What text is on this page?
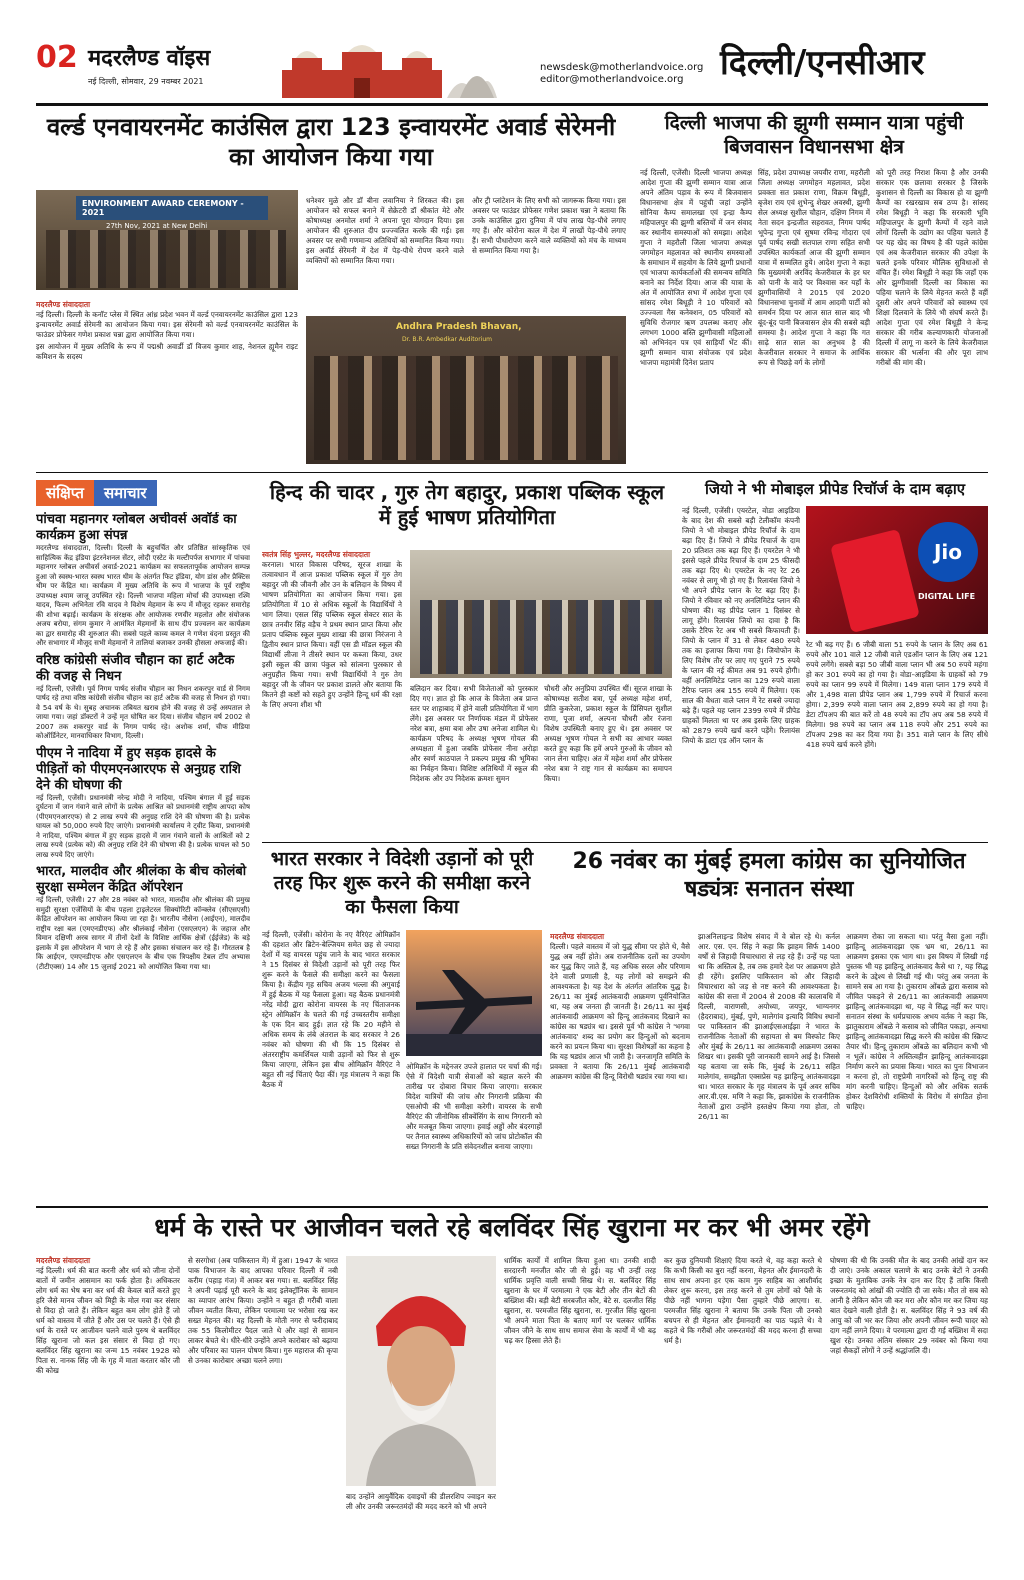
02 मदरलैण्ड वॉइस
नई दिल्ली, सोमवार, 29 नवम्बर 2021
newsdesk@motherlandvoice.org
editor@motherlandvoice.org	दिल्ली/एनसीआर
वर्ल्ड एनवायरनमेंट काउंसिल द्वारा 123 इन्वायरमेंट अवार्ड सेरेमनी का आयोजन किया गया
ENVIRONMENT AWARD CEREMONY - 2021
27th Nov, 2021 at New Delhi
मदरलैण्ड संवाददाता

नई दिल्ली। दिल्ली के कनॉट प्लेस में स्थित आंध्र प्रदेश भवन में वर्ल्ड एनवायरनमेंट काउंसिल द्वारा 123 इन्वायरमेंट अवार्ड सेरेमनी का आयोजन किया गया। इस सेरेमनी को वर्ल्ड एनवायरनमेंट काउंसिल के फाउंडर प्रोफेसर गणेश प्रकाश चन्ना द्वारा आयोजित किया गया।

इस आयोजन में मुख्य अतिथि के रूप में पद्मश्री अवार्डी डॉ विजय कुमार शाह, नेशनल ह्यूमैन राइट कमिशन के सदस्य

धनेश्वर मुळे और डॉ बीना लवानिया ने शिरकत की। इस आयोजन को सफल बनाने में सेक्रेटरी डॉ श्रीकांत मेटे और कोषाध्यक्ष अनमोल शर्मा ने अपना पूरा योगदान दिया। इस आयोजन की शुरुआत दीप प्रज्ज्वलित करके की गई। इस अवसर पर सभी गणमान्य अतिथियों को सम्मानित किया गया। इस अवॉर्ड सेरेमनी में देश में पेड़-पौधे रोपण करने वाले व्यक्तियों को सम्मानित किया गया।
और ट्री प्लांटेशन के लिए सभी को जागरूक किया गया। इस अवसर पर फाउंडर प्रोफेसर गणेश प्रकाश चन्ना ने बताया कि उनके काउंसिल द्वारा दुनिया में पांच लाख पेड़-पौधे लगाए गए हैं। और कोरोना काल में देश में लाखों पेड़-पौधे लगाए हैं। सभी पौधारोपण करने वाले व्यक्तियों को मंच के माध्यम से सम्मानित किया गया है।
Andhra Pradesh Bhavan,
Dr. B.R. Ambedkar Auditorium
दिल्ली भाजपा की झुग्गी सम्मान यात्रा पहुंची बिजवासन विधानसभा क्षेत्र
नई दिल्ली, एजेंसी। दिल्ली भाजपा अध्यक्ष आदेश गुप्ता की झुग्गी सम्मान यात्रा आज अपने अंतिम पड़ाव के रूप में बिजवासन विधानसभा क्षेत्र में पहुंची जहां उन्होंने सोनिया कैम्प समालखा एवं इन्द्रा कैम्प महिपालपुर की झुग्गी बस्तियों में जन संवाद कर स्थानीय समस्याओं को समझा। आदेश गुप्ता ने महरौली जिला भाजपा अध्यक्ष जगमोहन महलावत को स्थानीय समस्याओं के समाधान में सहयोग के लिये झुग्गी प्रधानों एवं भाजपा कार्यकर्ताओं की समन्वय समिति बनाने का निर्देश दिया। आज की यात्रा के अंत में आयोजित सभा में आदेश गुप्ता एवं सांसद रमेश बिधूड़ी ने 10 परिवारों को उज्ज्वला गैस कनेक्शन, 05 परिवारों को सुविधि रोजगार ऋण उपलब्ध कराए और लगभग 1000 बस्ति झुग्गीवासी महिलाओं को अभिनंदन पत्र एवं साड़ियाँ भेंट कीं। झुग्गी सम्मान यात्रा संयोजक एवं प्रदेश भाजपा महामंत्री दिनेश प्रताप
सिंह, प्रदेश उपाध्यक्ष जयवीर राणा, महरौली जिला अध्यक्ष जगमोहन महलावत, प्रदेश प्रवक्ता सत प्रकाश राणा, विक्रम बिधूड़ी, बृजेश राय एवं शुभेन्दु शेखर अवस्थी, झुग्गी सेल अध्यक्ष सुशील चौहान, दक्षिण निगम में नेता सदन इन्द्रजीत सहरावत, निगम पार्षद भूपेन्द्र गुप्ता एवं सुषमा रविन्द्र गोदारा एवं पूर्व पार्षद सखी सतपाल राणा सहित सभी उपस्थित कार्यकर्ता आज की झुग्गी सम्मान यात्रा में सम्मलित हुये। आदेश गुप्ता ने कहा कि मुख्यमंत्री अरविंद केजरीवाल के हर घर को पानी के वादे पर विश्वास कर यहाँ के झुग्गीवासियों ने 2015 एवं 2020 विधानसभा चुनावों में आम आदमी पार्टी को समर्थन दिया पर आज सात साल बाद भी बूंद-बूंद पानी बिजवासन क्षेत्र की सबसे बड़ी समस्या है। आदेश गुप्ता ने कहा कि गत साढ़े सात साल का अनुभव है की केजरीवाल सरकार ने समाज के आर्थिक रूप से पिछड़े वर्ग के लोगों
को पूरी तरह निराश किया है और उनकी सरकार एक छलावा सरकार है जिसके कुशासन से दिल्ली का विकास हो या झुग्गी कैम्पों का रखरखाव सब ठप्प है। सांसद रमेश बिधूड़ी ने कहा कि सरकारी भूमि महिपालपुर के झुग्गी कैम्पों में रहने वाले लोगों दिल्ली के उद्योग का पहिया चलाते हैं पर यह खेद का विषय है की पहले कांग्रेस एवं अब केजरीवाल सरकार की उपेक्षा के चलते इनके परिवार मौलिक सुविधाओं से वंचित हैं। रमेश बिधूड़ी ने कहा कि जहाँ एक ओर झुग्गीवासी दिल्ली का विकास का पहिया चलाने के लिये मेहनत करते हैं वहीं दूसरी ओर अपने परिवारों को स्वास्थ्य एवं शिक्षा दिलवाने के लिये भी संघर्ष करते हैं। आदेश गुप्ता एवं रमेश बिधूड़ी ने केन्द्र सरकार की गरीब कल्याणकारी योजनाओं दिल्ली में लागू ना करने के लिये केजरीवाल सरकार की भर्त्सना की और पूरा लाभ गरीबों की मांग की।
संक्षिप्त समाचार
पांचवा महानगर ग्लोबल अचीवर्स अवॉर्ड का कार्यक्रम हुआ संपन्न
मदरलैण्ड संवाददाता, दिल्ली। दिल्ली के बहुचर्चित और प्रतिष्ठित सांस्कृतिक एवं साहित्यिक केंद्र इंडिया इंटरनेशनल सेंटर, लोदी एस्टेट के मल्टीपर्पज सभागार में पांचवा महानगर ग्लोबल अचीवर्स अवार्ड-2021 कार्यक्रम का सफलतापूर्वक आयोजन सम्पन्न हुआ जो स्वस्थ-भारत स्वस्थ भारत थीम के अंतर्गत फिट इंडिया, योग डांस और प्रैक्टिस थीम पर केंद्रित था। कार्यक्रम में मुख्य अतिथि के रूप में भाजपा के पूर्व राष्ट्रीय उपाध्यक्ष श्याम जाजू उपस्थित रहे। दिल्ली भाजपा महिला मोर्चा की उपाध्यक्षा रश्मि यादव, फिल्म अभिनेता रवि यादव ने विशेष मेहमान के रूप में मौजूद रहकर समारोह की शोभा बढ़ाई। कार्यक्रम के संरक्षक और आयोजक रणवीर महलोत और संयोजक अजय बरोया, संगम कुमार ने आमंत्रित मेहमानों के साथ दीप प्रज्वलन कर कार्यक्रम का द्वार समारोह की शुरुआत की। सबसे पहले काव्य कमल ने गणेश वंदना प्रस्तुत की और सभागार में मौजूद सभी मेहमानों ने तालियां बजाकर उनकी हौसला अफजाई की।
वरिष्ठ कांग्रेसी संजीव चौहान का हार्ट अटैक की वजह से निधन
नई दिल्ली, एजेंसी। पूर्व निगम पार्षद संजीव चौहान का निधन शकरपुर वार्ड से निगम पार्षद रहे तथा वरिष्ठ कांग्रेसी संजीव चौहान का हार्ट अटैक की वजह से निधन हो गया। वे 54 वर्ष के थे। सुबह अचानक तबियत खराब होने की वजह से उन्हें अस्पताल ले जाया गया। जहां डॉक्टरों ने उन्हें मृत घोषित कर दिया। संजीव चौहान वर्ष 2002 से 2007 तक शकरपुर वार्ड के निगम पार्षद रहे। अशोक शर्मा, चीफ मीडिया कोऑर्डिनेटर, मानवाधिकार विभाग, दिल्ली।
पीएम ने नादिया में हुए सड़क हादसे के पीड़ितों को पीएमएनआरएफ से अनुग्रह राशि देने की घोषणा की
नई दिल्ली, एजेंसी। प्रधानमंत्री नरेन्द्र मोदी ने नादिया, पश्चिम बंगाल में हुई सड़क दुर्घटना में जान गंवाने वाले लोगों के प्रत्येक आश्रित को प्रधानमंत्री राष्ट्रीय आपदा कोष (पीएमएनआरएफ) से 2 लाख रुपये की अनुग्रह राशि देने की घोषणा की है। प्रत्येक घायल को 50,000 रुपये दिए जाएंगे। प्रधानमंत्री कार्यालय ने ट्वीट किया, प्रधानमंत्री ने नादिया, पश्चिम बंगाल में हुए सड़क हादसे में जान गंवाने वालों के आश्रितों को 2 लाख रुपये (प्रत्येक को) की अनुग्रह राशि देने की घोषणा की है। प्रत्येक घायल को 50 लाख रुपये दिए जाएंगे।
भारत, मालदीव और श्रीलंका के बीच कोलंबो सुरक्षा सम्मेलन केंद्रित ऑपरेशन
नई दिल्ली, एजेंसी। 27 और 28 नवंबर को भारत, मालदीव और श्रीलंका की प्रमुख समुद्री सुरक्षा एजेंसियों के बीच पहला ट्राइलेटरल सिक्योरिटी कॉन्क्लेव (सीएसएसी) केंद्रित ऑपरेशन का आयोजन किया जा रहा है। भारतीय नौसेना (आईएन), मालदीव राष्ट्रीय रक्षा बल (एमएनडीएफ) और श्रीलंकाई नौसेना (एसएलएन) के जहाज और विमान दक्षिणी अरब सागर में तीनों देशों के विशिष्ट आर्थिक क्षेत्रों (ईईजेड) के बड़े इलाके में इस ऑपरेशन में भाग ले रहे हैं और इसका संचालन कर रहे हैं। गौरतलब है कि आईएन, एमएनडीएफ और एसएलएन के बीच एक त्रिपक्षीय टेबल टॉप अभ्यास (टीटीएक्स) 14 और 15 जुलाई 2021 को आयोजित किया गया था।
हिन्द की चादर , गुरु तेग बहादुर, प्रकाश पब्लिक स्कूल में हुई भाषण प्रतियोगिता
स्वतंत्र सिंह भुल्लर, मदरलैण्ड संवाददाता

करनाल। भारत विकास परिषद, सूरज शाखा के तत्वावधान में आज प्रकाश पब्लिक स्कूल में गुरु तेग बहादुर जी की जीवनी और उन के बलिदान के विषय में भाषण प्रतियोगिता का आयोजन किया गया। इस प्रतियोगिता में 10 से अधिक स्कूलों के विद्यार्थियों ने भाग लिया। एसल सिंह पब्लिक स्कूल सेक्टर सात के छात्र तनवीर सिंह वड़ैच ने प्रथम स्थान प्राप्त किया और प्रताप पब्लिक स्कूल मुख्य शाखा की छात्रा निरंजना ने द्वितीय स्थान प्राप्त किया। वहीं एस डी मॉडल स्कूल की विद्यार्थी लीजा ने तीसरे स्थान पर कब्जा किया, उधर इसी स्कूल की छात्रा पंकुल को सांत्वना पुरस्कार से अनुग्रहीत किया गया। सभी विद्यार्थियों ने गुरु तेग बहादुर जी के जीवन पर प्रकाश डालते और बताया कि कितने ही कष्टों को सहते हुए उन्होंने हिन्दू धर्म की रक्षा के लिए अपना शीश भी

बलिदान कर दिया। सभी विजेताओं को पुरस्कार दिए गए। ज्ञात हो कि आज के विजेता अब प्रान्त स्तर पर शाहाबाद में होने वाली प्रतियोगिता में भाग लेंगे। इस अवसर पर निर्णायक मंडल में प्रोफेसर नरेश बत्रा, क्षमा बत्रा और उषा अनेजा शामिल थे। कार्यक्रम परिषद के अध्यक्ष भूषण गोयल की अध्यक्षता में हुआ जबकि प्रोफेसर नीना अरोड़ा और स्वर्ण काठपाल ने प्रकल्प प्रमुख की भूमिका का निर्वहन किया। विशिष्ट अतिथियों में स्कूल की निदेशक और उप निदेशक क्रमशः सुमन
चौधरी और अनुप्रिया उपस्थित थीं। सूरज शाखा के कोषाध्यक्ष सतीश बत्रा, पूर्व अध्यक्ष महेश शर्मा, प्रीति कुकरेजा, प्रकाश स्कूल के प्रिंसिपल सुशील राणा, पूजा शर्मा, अल्पना चौधरी और रंजना विशेष उपस्थिती बनाए हुए थे। इस अवसर पर अध्यक्ष भूषण गोयल ने सभी का आभार व्यक्त करते हुए कहा कि हमें अपने गुरुओं के जीवन को जान लेना चाहिए। अंत में महेश शर्मा और प्रोफेसर नरेश बत्रा ने राष्ट्र गान से कार्यक्रम का समापन किया।
जियो ने भी मोबाइल प्रीपेड रिचॉर्ज के दाम बढ़ाए
नई दिल्ली, एजेंसी। एयरटेल, वोडा आइडिया के बाद देश की सबसे बड़ी टेलीकॉम कंपनी जियो ने भी मोबाइल प्रीपेड रिचॉर्ज के दाम बढ़ा दिए हैं। जियो ने प्रीपेड रिचार्ज के दाम 20 प्रतिशत तक बढ़ा दिए हैं। एयरटेल ने भी इससे पहले प्रीपेड रिचार्ज के दाम 25 फीसदी तक बढ़ा दिए थे। एयरटेल के नए रेट 26 नवंबर से लागू भी हो गए हैं। रिलायंस जियो ने भी अपने प्रीपेड प्लान के रेट बढ़ा दिए हैं। जियो ने रविवार को नए अनलिमिटेड प्लान की घोषणा की। यह प्रीपेड प्लान 1 दिसंबर से लागू होंगे। रिलायंस जियो का दावा है कि उसके टैरिफ रेट अब भी सबसे किफायती हैं। जियो के प्लान में 31 से लेकर 480 रुपये तक का इजाफा किया गया है। जियोफोन के लिए विशेष तौर पर लाए गए पुराने 75 रुपये के प्लान की नई कीमत अब 91 रुपये होगी। वहीं अनलिमिटेड प्लान का 129 रुपये वाला टैरिफ प्लान अब 155 रुपये में मिलेगा। एक साल की वैधता वाले प्लान में रेट सबसे ज्यादा बढ़े हैं। पहले यह प्लान 2399 रुपये में प्रीपेड ग्राहकों मिलता था पर अब इसके लिए ग्राहक को 2879 रुपये खर्च करने पड़ेंगे। रिलायंस जियो के डाटा एड ऑन प्लान के
Jio
DIGITAL LIFE
रेट भी बढ़ गए हैं। 6 जीबी वाला 51 रुपये के प्लान के लिए अब 61 रुपये और 101 वाले 12 जीबी वाले एडऑन प्लान के लिए अब 121 रुपये लगेंगे। सबसे बड़ा 50 जीबी वाला प्लान भी अब 50 रुपये महंगा हो कर 301 रुपये का हो गया है। वोडा-आइडिया के ग्राहकों को 79 रुपये का प्लान 99 रुपये में मिलेगा। 149 वाला प्लान 179 रुपये में और 1,498 वाला प्रीपेड प्लान अब 1,799 रुपये में रिचार्ज करना होगा। 2,399 रुपये वाला प्लान अब 2,899 रुपये का हो गया है। डेटा टॉपअप की बात करें तो 48 रुपये का टॉप अप अब 58 रुपये में मिलेगा। 98 रुपये का प्लान अब 118 रुपये और 251 रुपये का टॉपअप 298 का कर दिया गया है। 351 वाले प्लान के लिए सीधे 418 रुपये खर्च करने होंगे।
भारत सरकार ने विदेशी उड़ानों को पूरी तरह फिर शुरू करने की समीक्षा करने का फैसला किया
नई दिल्ली, एजेंसी। कोरोना के नए वैरिएंट ओमिक्रॉन की दहशत और ब्रिटेन-बेल्जियम समेत छह से ज्यादा देशों में यह वायरस पहुंच जाने के बाद भारत सरकार ने 15 दिसंबर से विदेशी उड़ानों को पूरी तरह फिर शुरू करने के फैसले की समीक्षा करने का फैसला किया है। केंद्रीय गृह सचिव अजय भल्ला की अगुवाई में हुई बैठक में यह फैसला हुआ। यह बैठक प्रधानमंत्री नरेंद्र मोदी द्वारा कोरोना वायरस के नए चिंताजनक स्ट्रेन ओमिक्रॉन के चलते की गई उच्चस्तरीय समीक्षा के एक दिन बाद हुई। ज्ञात रहे कि 20 महीने से अधिक समय के लंबे अंतराल के बाद सरकार ने 26 नवंबर को घोषणा की थी कि 15 दिसंबर से अंतरराष्ट्रीय कमर्शियल यात्री उड़ानों को फिर से शुरू किया जाएगा, लेकिन इस बीच ओमिक्रॉन वैरिएंट ने बहुत सी नई चिंताएं पैदा कीं। गृह मंत्रालय ने कहा कि बैठक में
ओमिक्रॉन के मद्देनजर उपजे हालात पर चर्चा की गई। ऐसे में विदेशी यात्री सेवाओं को बहाल करने की तारीख पर दोबारा विचार किया जाएगा। सरकार विदेश यात्रियों की जांच और निगरानी प्रक्रिया की एसओपी की भी समीक्षा करेगी। वायरस के सभी वैरिएंट की जीनोमिक सीक्वेंसिंग के साथ निगरानी को और मजबूत किया जाएगा। हवाई अड्डों और बंदरगाहों पर तैनात स्वास्थ्य अधिकारियों को जांच प्रोटोकॉल की सख्त निगरानी के प्रति संवेदनशील बनाया जाएगा।
26 नवंबर का मुंबई हमला कांग्रेस का सुनियोजित षड्यंत्रः सनातन संस्था
मदरलैण्ड संवाददाता

दिल्ली। पहले वास्तव में जो युद्ध सीमा पर होते थे, वैसे युद्ध अब नहीं होते। अब राजनीतिक दलों का उपयोग कर युद्ध किए जाते हैं, यह अधिक सरल और परिणाम देने वाली प्रणाली है, यह लोगों को समझने की आवश्यकता है। यह देश के अंतर्गत आंतरिक युद्ध है। 26/11 का मुंबई आतंकवादी आक्रमण पूर्वनियोजित था, यह अब जनता ही जानती है। 26/11 का मुंबई आतंकवादी आक्रमण को हिन्दू आतंकवाद दिखाने का कांग्रेस का षड्यंत्र था। इससे पूर्व भी कांग्रेस ने 'भगवा आतंकवाद' शब्द का प्रयोग कर हिन्दुओं को बदनाम करने का प्रयत्न किया था। सुरक्षा विशेषज्ञों का कहना है कि यह षड्यंत्र आज भी जारी है। जनजागृति समिति के प्रवक्ता ने बताया कि 26/11 मुंबई आतंकवादी आक्रमण कांग्रेस की हिन्दू विरोधी षड्यंत्र रचा गया था।

झाअनिलाइन्ड विशेष संवाद में वे बोल रहे थे। कर्नल आर. एस. एन. सिंह ने कहा कि झाहम सिर्फ 1400 वर्षों से जिहादी विचारधारा से लड़ रहे हैं। उन्हें यह पता था कि अस्तित्व है, तब तक हमारे देश पर आक्रमण होते ही रहेंगे। इसलिए पाकिस्तान को और जिहादी विचारधारा को जड़ से नष्ट करने की आवश्यकता है। कांग्रेस की सत्ता में 2004 से 2008 की कालावधि में दिल्ली, वाराणसी, अयोध्या, जयपुर, भाग्यनगर (हैदराबाद), मुंबई, पुणे, मालेगांव इत्यादि विविध स्थानों पर पाकिस्तान की झाआईएसआईझा ने भारत के राजनीतिक नेताओं की सहायता से बम विस्फोट किए और मुंबई के 26/11 का आतंकवादी आक्रमण उसका शिखर था। इसकी पूरी जानकारी सामने आई है। जिससे यह बताया जा सके कि, मुंबई के 26/11 सहित मालेगांव, समझौता एक्सप्रेस यह झाहिन्दू आतंकवादझा था। भारत सरकार के गृह मंत्रालय के पूर्व अवर सचिव आर.वी.एस. मणि ने कहा कि, झाकांग्रेस के राजनीतिक नेताओं द्वारा उन्होंने हस्तक्षेप किया गया होता, तो 26/11 का
आक्रमण रोका जा सकता था। परंतु वैसा हुआ नहीं। झाहिन्दू आतंकवादझा एक भ्रम था, 26/11 का आक्रमण इसका एक भाग था। इस विषय में लिखी गई पुस्तक भी यह झाहिन्दू आतंकवाद कैसे था ?, यह सिद्ध करने के उद्देश्य से लिखी गई थी। परंतु अब जनता के सामने सब आ गया है। तुकाराम ओंबळे द्वारा कसाब को जीवित पकड़ने से 26/11 का आतंकवादी आक्रमण झाहिन्दू आतंकवादझा था, यह वे सिद्ध नहीं कर पाए। सनातन संस्था के धर्मप्रचारक अभय वर्तक ने कहा कि, झातुकाराम ओंबळे ने कसाब को जीवित पकड़ा, अन्यथा झाहिन्दू आतंकवादझा सिद्ध करने की कांग्रेस की स्क्रिप्ट तैयार थी। हिन्दू तुकाराम ओंबळे का बलिदान कभी भी न भूलें। कांग्रेस ने अस्तित्वहीन झाहिन्दू आतंकवादझा निर्माण करने का प्रयास किया। भारत का पुनः विभाजन न करना हो, तो राष्ट्रप्रेमी नागरिकों को हिन्दू राष्ट्र की मांग करनी चाहिए। हिन्दुओं को और अधिक सतर्क होकर देशविरोधी शक्तियों के विरोध में संगठित होना चाहिए।
धर्म के रास्ते पर आजीवन चलते रहे बलविंदर सिंह खुराना मर कर भी अमर रहेंगे
मदरलैण्ड संवाददाता

नई दिल्ली। धर्म की बात करनी और धर्म को जीना दोनों बातों में जमीन आसमान का फर्क होता है। अधिकतर लोग धर्म का भेष बना कर धर्म की केवल बातें करते हुए हरि जैसे मानव जीवन को मिट्टी के मोल गवा कर संसार से विदा हो जाते हैं। लेकिन बहुत कम लोग होते हैं जो धर्म को वास्तव में जीते हैं और उस पर चलते हैं। ऐसे ही धर्म के रास्ते पर आजीवन चलने वाले पुरुष थे बलविंदर सिंह खुराना जो कल इस संसार से विदा हो गए। बलविंदर सिंह खुराना का जन्म 15 नवंबर 1928 को पिता स. नानक सिंह जी के गृह में माता करतार कौर जी की कोख

से सरगोधा (अब पाकिस्तान में) में हुआ। 1947 के भारत पाक विभाजन के बाद आपका परिवार दिल्ली में नबी करीम (पहाड़ गंज) में आकर बस गया। स. बलविंदर सिंह ने अपनी पढ़ाई पूरी करने के बाद इलेक्ट्रॉनिक के सामान का व्यापार आरंभ किया। उन्होंने न बहुत ही गरीबी वाला जीवन व्यतीत किया, लेकिन परमात्मा पर भरोसा रख कर सख्त मेहनत की। वह दिल्ली के मोती नगर से फरीदाबाद तक 55 किलोमीटर पैदल जाते थे और वहां से सामान लाकर बेचते थे। धीरे-धीरे उन्होंने अपने कारोबार को बढ़ाया और परिवार का पालन पोषण किया। गुरु महाराज की कृपा से उनका कारोबार अच्छा चलने लगा।
बाद उन्होंने आयुर्वैदिक दवाइयों की डीलरशिप ज्वाइन कर ली और उनकी जरूरतमंदों की मदद करने को भी अपने
धार्मिक कार्यों में शामिल किया हुआ था। उनकी शादी सरदारनी मनजीत कौर जी से हुई। वह भी उन्हीं तरह धार्मिक प्रवृत्ति वाली सच्ची सिख थे। स. बलविंदर सिंह खुराना के घर में परमात्मा ने एक बेटी और तीन बेटों की बख्शिश की। बड़ी बेटी सरबजीत कौर, बेटे स. दलजीत सिंह खुराना, स. परमजीत सिंह खुराना, स. गुरजीत सिंह खुराना भी अपने माता पिता के बताए मार्ग पर चलकर धार्मिक जीवन जीने के साथ साथ समाज सेवा के कार्यों में भी बढ़ चढ़ कर हिस्सा लेते हैं।
कर कुछ दुनियावी शिक्षाएं दिया करते थे, वह कहा करते थे कि कभी किसी का बुरा नहीं करना, मेहनत और ईमानदारी के साथ साथ अपना हर एक काम गुरु साहिब का आशीर्वाद लेकर शुरू करना, इस तरह करने से तुम लोगों को पैसे के पीछे नहीं भागना पड़ेगा पैसा तुम्हारे पीछे आएगा। स. परमजीत सिंह खुराना ने बताया कि उनके पिता जी उनको बचपन से ही मेहनत और ईमानदारी का पाठ पढ़ाते थे। वे कहते थे कि गरीबों और जरूरतमंदों की मदद करना ही सच्चा धर्म है।
घोषणा की थी कि उनकी मौत के बाद उनकी आंखें दान कर दी जाएं। उनके अकाल चलाणे के बाद उनके बेटों ने उनकी इच्छा के मुताबिक उनके नेत्र दान कर दिए हैं ताकि किसी जरूरतमंद को आंखों की ज्योति दी जा सके। मौत तो सब को आनी है लेकिन कौन जी कर मरा और कौन मर कर जिया यह बात देखने वाली होती है। स. बलविंदर सिंह ने 93 वर्ष की आयु को जी भर कर जिया और अपनी जीवन रूपी चादर को दाग नहीं लगने दिया। वे परमात्मा द्वारा दी गई बख्शिश में सदा खुश रहे। उनका अंतिम संस्कार 29 नवंबर को किया गया जहां सैकड़ों लोगों ने उन्हें श्रद्धांजलि दी।
